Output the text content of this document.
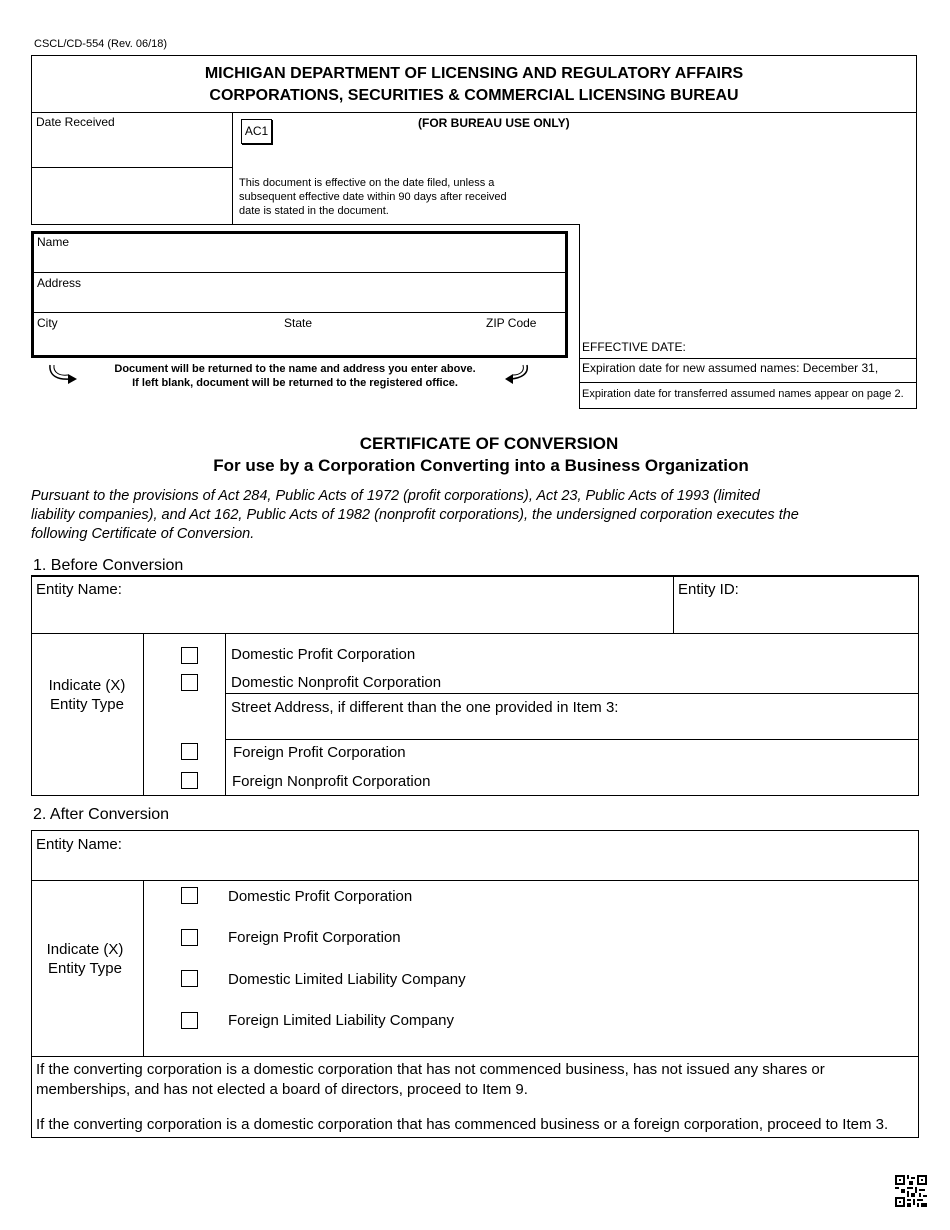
CSCL/CD-554 (Rev. 06/18)
MICHIGAN DEPARTMENT OF LICENSING AND REGULATORY AFFAIRS
CORPORATIONS, SECURITIES & COMMERCIAL LICENSING BUREAU
Date Received
AC1
(FOR BUREAU USE ONLY)
This document is effective on the date filed, unless a
subsequent effective date within 90 days after received
date is stated in the document.
EFFECTIVE DATE:
Expiration date for new assumed names: December 31,
Expiration date for transferred assumed names appear on page 2.
Name
Address
City	State	ZIP Code
Document will be returned to the name and address you enter above.
If left blank, document will be returned to the registered office.
CERTIFICATE OF CONVERSION
For use by a Corporation Converting into a Business Organization
Pursuant to the provisions of Act 284, Public Acts of 1972 (profit corporations), Act 23, Public Acts of 1993 (limited
liability companies), and Act 162, Public Acts of 1982 (nonprofit corporations), the undersigned corporation executes the
following Certificate of Conversion.
1. Before Conversion
Entity Name:	Entity ID:
Indicate (X)
Entity Type
Domestic Profit Corporation
Domestic Nonprofit Corporation
Street Address, if different than the one provided in Item 3:
Foreign Profit Corporation
Foreign Nonprofit Corporation
2. After Conversion
Entity Name:
Indicate (X)
Entity Type
Domestic Profit Corporation
Foreign Profit Corporation
Domestic Limited Liability Company
Foreign Limited Liability Company
If the converting corporation is a domestic corporation that has not commenced business, has not issued any shares or
memberships, and has not elected a board of directors, proceed to Item 9.
If the converting corporation is a domestic corporation that has commenced business or a foreign corporation, proceed to Item 3.
